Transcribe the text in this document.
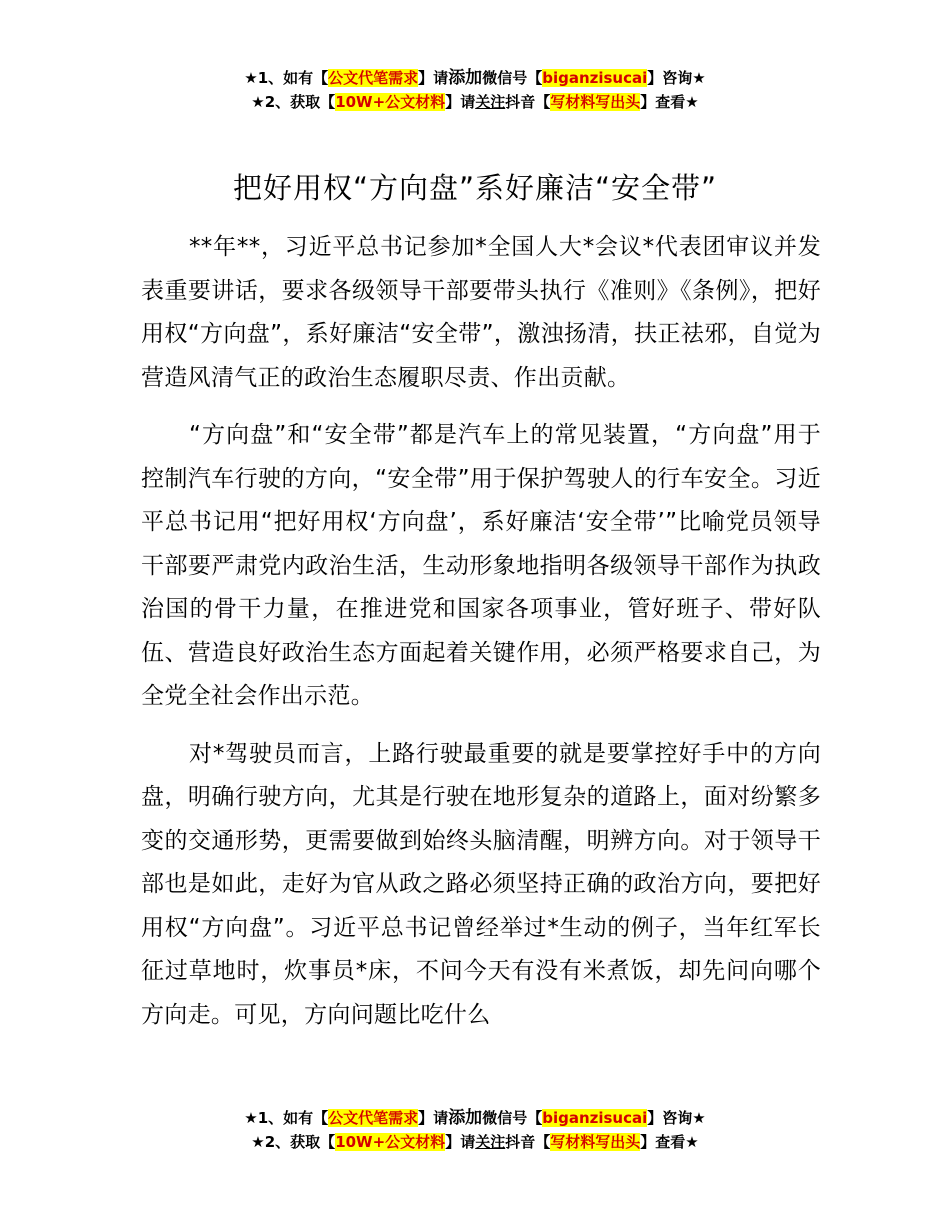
★1、如有【公文代笔需求】请添加微信号【biganzisucai】咨询★
★2、获取【10W+公文材料】请关注抖音【写材料写出头】查看★
把好用权“方向盘”系好廉洁“安全带”

**年**，习近平总书记参加*全国人大*会议*代表团审议并发表重要讲话，要求各级领导干部要带头执行《准则》《条例》，把好用权“方向盘”，系好廉洁“安全带”，激浊扬清，扶正祛邪，自觉为营造风清气正的政治生态履职尽责、作出贡献。

“方向盘”和“安全带”都是汽车上的常见装置，“方向盘”用于控制汽车行驶的方向，“安全带”用于保护驾驶人的行车安全。习近平总书记用“把好用权‘方向盘’，系好廉洁‘安全带’”比喻党员领导干部要严肃党内政治生活，生动形象地指明各级领导干部作为执政治国的骨干力量，在推进党和国家各项事业，管好班子、带好队伍、营造良好政治生态方面起着关键作用，必须严格要求自己，为全党全社会作出示范。

对*驾驶员而言，上路行驶最重要的就是要掌控好手中的方向盘，明确行驶方向，尤其是行驶在地形复杂的道路上，面对纷繁多变的交通形势，更需要做到始终头脑清醒，明辨方向。对于领导干部也是如此，走好为官从政之路必须坚持正确的政治方向，要把好用权“方向盘”。习近平总书记曾经举过*生动的例子，当年红军长征过草地时，炊事员*床，不问今天有没有米煮饭，却先问向哪个方向走。可见，方向问题比吃什么

★1、如有【公文代笔需求】请添加微信号【biganzisucai】咨询★
★2、获取【10W+公文材料】请关注抖音【写材料写出头】查看★
